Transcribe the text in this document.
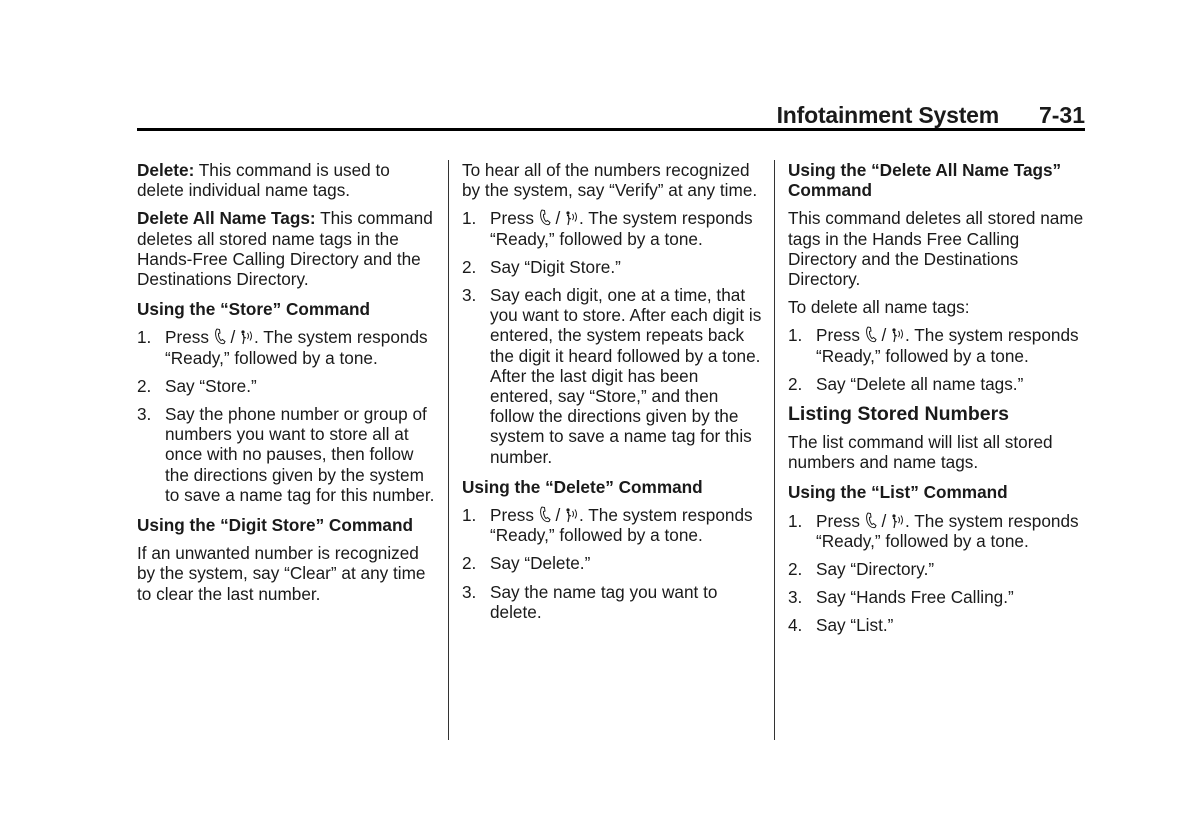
Infotainment System 7-31

Delete: This command is used to delete individual name tags.

Delete All Name Tags: This command deletes all stored name tags in the Hands-Free Calling Directory and the Destinations Directory.

Using the “Store” Command

1. Press
/
. The system responds “Ready,” followed by a tone.
2. Say “Store.”
3. Say the phone number or group of numbers you want to store all at once with no pauses, then follow the directions given by the system to save a name tag for this number.

Using the “Digit Store” Command

If an unwanted number is recognized by the system, say “Clear” at any time to clear the last number.

To hear all of the numbers recognized by the system, say “Verify” at any time.

1. Press
/
. The system responds “Ready,” followed by a tone.
2. Say “Digit Store.”
3. Say each digit, one at a time, that you want to store. After each digit is entered, the system repeats back the digit it heard followed by a tone. After the last digit has been entered, say “Store,” and then follow the directions given by the system to save a name tag for this number.

Using the “Delete” Command

1. Press
/
. The system responds “Ready,” followed by a tone.
2. Say “Delete.”
3. Say the name tag you want to delete.

Using the “Delete All Name Tags” Command

This command deletes all stored name tags in the Hands Free Calling Directory and the Destinations Directory.

To delete all name tags:

1. Press
/
. The system responds “Ready,” followed by a tone.
2. Say “Delete all name tags.”

Listing Stored Numbers

The list command will list all stored numbers and name tags.

Using the “List” Command

1. Press
/
. The system responds “Ready,” followed by a tone.
2. Say “Directory.”
3. Say “Hands Free Calling.”
4. Say “List.”
